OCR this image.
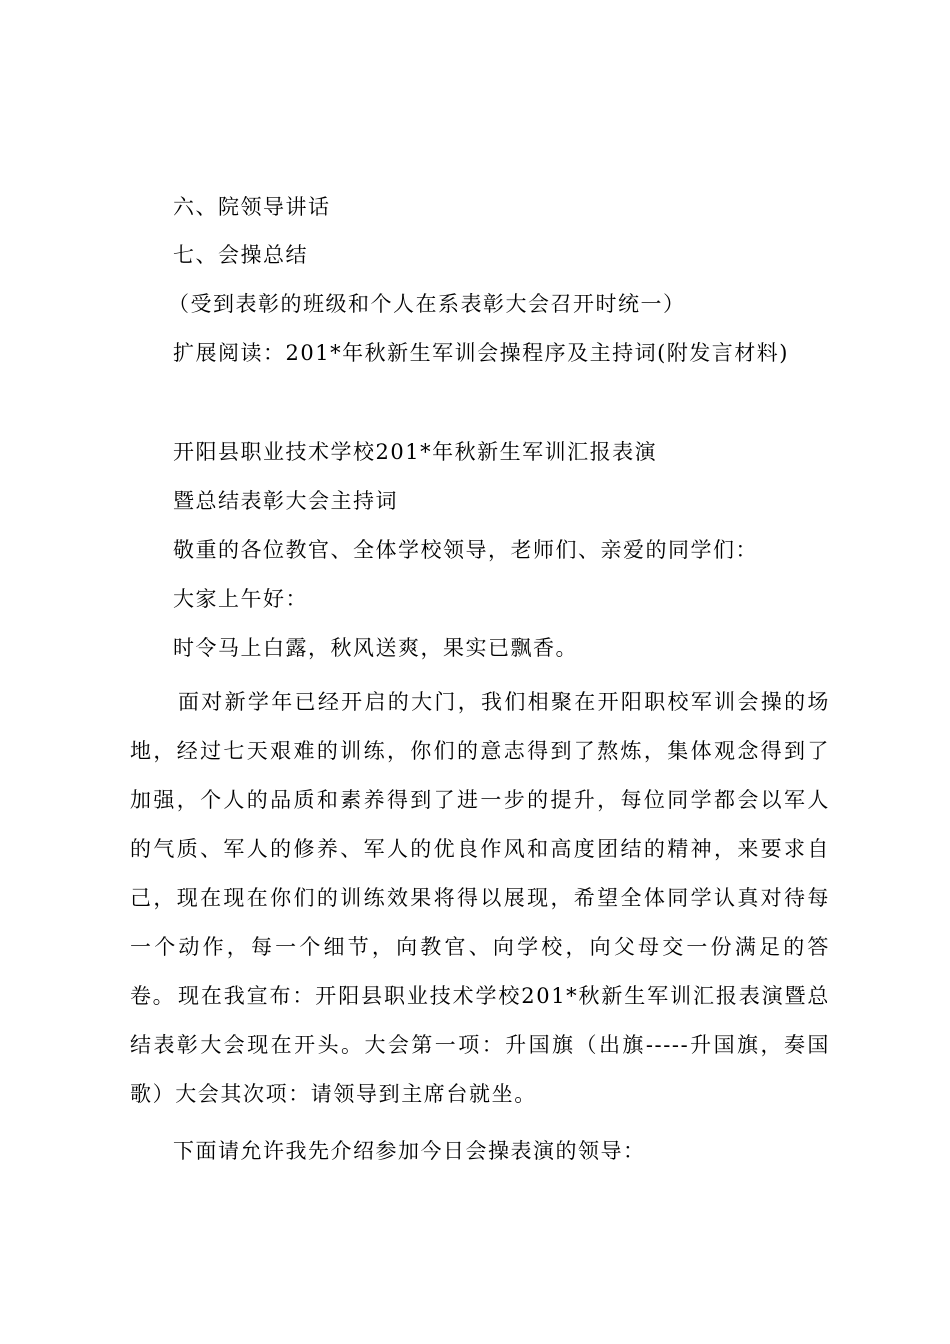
六、院领导讲话
七、会操总结
（受到表彰的班级和个人在系表彰大会召开时统一）
扩展阅读：201*年秋新生军训会操程序及主持词(附发言材料)
开阳县职业技术学校201*年秋新生军训汇报表演
暨总结表彰大会主持词
敬重的各位教官、全体学校领导，老师们、亲爱的同学们：
大家上午好：
时令马上白露，秋风送爽，果实已飘香。
面对新学年已经开启的大门，我们相聚在开阳职校军训会操的场地，经过七天艰难的训练，你们的意志得到了熬炼，集体观念得到了加强，个人的品质和素养得到了进一步的提升，每位同学都会以军人的气质、军人的修养、军人的优良作风和高度团结的精神，来要求自己，现在现在你们的训练效果将得以展现，希望全体同学认真对待每一个动作，每一个细节，向教官、向学校，向父母交一份满足的答卷。 现在我宣布：开阳县职业技术学校201*秋新生军训汇报表演暨总结表彰大会现在开头。大会第一项：升国旗（出旗-----升国旗，奏国歌）大会其次项：请领导到主席台就坐。
下面请允许我先介绍参加今日会操表演的领导：
